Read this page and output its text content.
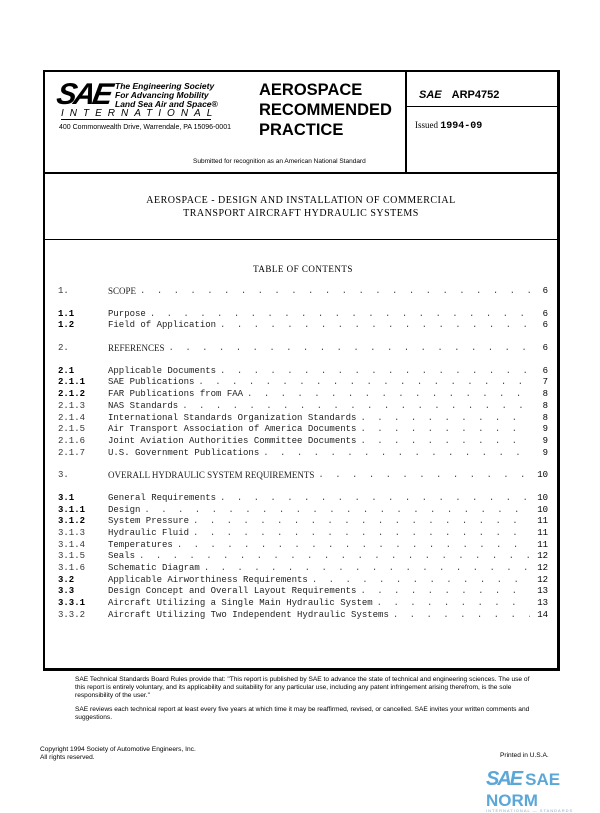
SAE The Engineering Society
For Advancing Mobility
Land Sea Air and Space®
INTERNATIONAL
400 Commonwealth Drive, Warrendale, PA 15096-0001
AEROSPACE
RECOMMENDED
PRACTICE
Submitted for recognition as an American National Standard
SAE ARP4752
Issued 1994-09
AEROSPACE - DESIGN AND INSTALLATION OF COMMERCIAL
TRANSPORT AIRCRAFT HYDRAULIC SYSTEMS
TABLE OF CONTENTS
1.	SCOPE . . .	6
1.1	Purpose . . .	6
1.2	Field of Application . . .	6
2.	REFERENCES . . .	6
2.1	Applicable Documents . . .	6
2.1.1	SAE Publications . . .	7
2.1.2	FAR Publications from FAA . . .	8
2.1.3	NAS Standards . . .	8
2.1.4	International Standards Organization Standards . . .	8
2.1.5	Air Transport Association of America Documents . . .	9
2.1.6	Joint Aviation Authorities Committee Documents . . .	9
2.1.7	U.S. Government Publications . . .	9
3.	OVERALL HYDRAULIC SYSTEM REQUIREMENTS . . .	10
3.1	General Requirements . . .	10
3.1.1	Design . . .	10
3.1.2	System Pressure . . .	11
3.1.3	Hydraulic Fluid . . .	11
3.1.4	Temperatures . . .	11
3.1.5	Seals . . .	12
3.1.6	Schematic Diagram . . .	12
3.2	Applicable Airworthiness Requirements . . .	12
3.3	Design Concept and Overall Layout Requirements . . .	13
3.3.1	Aircraft Utilizing a Single Main Hydraulic System . . .	13
3.3.2	Aircraft Utilizing Two Independent Hydraulic Systems . . .	14

SAE Technical Standards Board Rules provide that: "This report is published by SAE to advance the state of technical and engineering sciences. The use of this report is entirely voluntary, and its applicability and suitability for any particular use, including any patent infringement arising therefrom, is the sole responsibility of the user."

SAE reviews each technical report at least every five years at which time it may be reaffirmed, revised, or cancelled. SAE invites your written comments and suggestions.

Copyright 1994 Society of Automotive Engineers, Inc.
All rights reserved.	Printed in U.S.A.
SAE SAE NORM
INTERNATIONAL — STANDARDS
